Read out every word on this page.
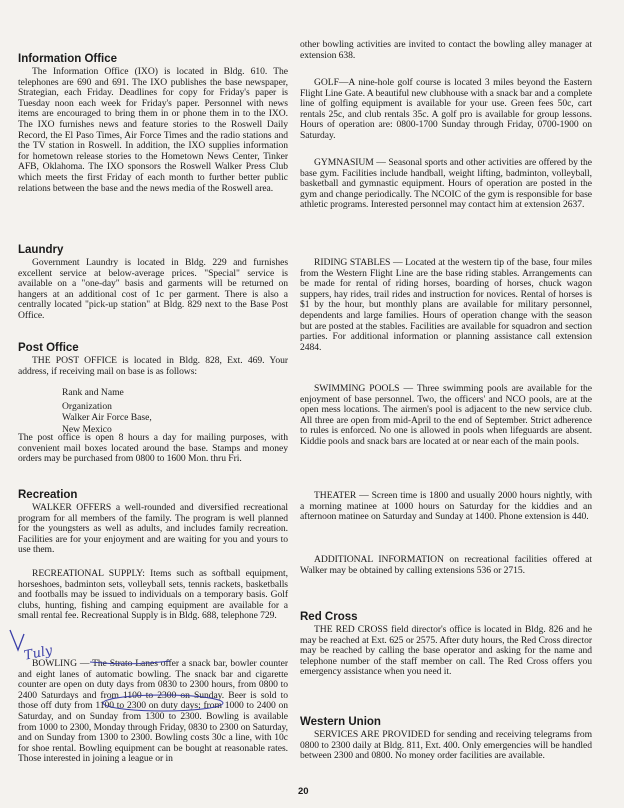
Information Office

The Information Office (IXO) is located in Bldg. 610. The telephones are 690 and 691. The IXO publishes the base newspaper, Strategian, each Friday. Deadlines for copy for Friday's paper is Tuesday noon each week for Friday's paper. Personnel with news items are encouraged to bring them in or phone them in to the IXO. The IXO furnishes news and feature stories to the Roswell Daily Record, the El Paso Times, Air Force Times and the radio stations and the TV station in Roswell. In addition, the IXO supplies information for hometown release stories to the Hometown News Center, Tinker AFB, Oklahoma. The IXO sponsors the Roswell Walker Press Club which meets the first Friday of each month to further better public relations between the base and the news media of the Roswell area.

Laundry

Government Laundry is located in Bldg. 229 and furnishes excellent service at below-average prices. "Special" service is available on a "one-day" basis and garments will be returned on hangers at an additional cost of 1c per garment. There is also a centrally located "pick-up station" at Bldg. 829 next to the Base Post Office.

Post Office

THE POST OFFICE is located in Bldg. 828, Ext. 469. Your address, if receiving mail on base is as follows:

Rank and Name
Organization
Walker Air Force Base,
New Mexico

The post office is open 8 hours a day for mailing purposes, with convenient mail boxes located around the base. Stamps and money orders may be purchased from 0800 to 1600 Mon. thru Fri.

Recreation

WALKER OFFERS a well-rounded and diversified recreational program for all members of the family. The program is well planned for the youngsters as well as adults, and includes family recreation. Facilities are for your enjoyment and are waiting for you and yours to use them.

RECREATIONAL SUPPLY: Items such as softball equipment, horseshoes, badminton sets, volleyball sets, tennis rackets, basketballs and footballs may be issued to individuals on a temporary basis. Golf clubs, hunting, fishing and camping equipment are available for a small rental fee. Recreational Supply is in Bldg. 688, telephone 729.

BOWLING — The Strato Lanes offer a snack bar, bowler counter and eight lanes of automatic bowling. The snack bar and cigarette counter are open on duty days from 0830 to 2300 hours, from 0800 to 2400 Saturdays and from 1100 to 2300 on Sunday. Beer is sold to those off duty from 1100 to 2300 on duty days; from 1000 to 2400 on Saturday, and on Sunday from 1300 to 2300. Bowling is available from 1000 to 2300, Monday through Friday, 0830 to 2300 on Saturday, and on Sunday from 1300 to 2300. Bowling costs 30c a line, with 10c for shoe rental. Bowling equipment can be bought at reasonable rates. Those interested in joining a league or in

Tuly

other bowling activities are invited to contact the bowling alley manager at extension 638.

GOLF—A nine-hole golf course is located 3 miles beyond the Eastern Flight Line Gate. A beautiful new clubhouse with a snack bar and a complete line of golfing equipment is available for your use. Green fees 50c, cart rentals 25c, and club rentals 35c. A golf pro is available for group lessons. Hours of operation are: 0800-1700 Sunday through Friday, 0700-1900 on Saturday.

GYMNASIUM — Seasonal sports and other activities are offered by the base gym. Facilities include handball, weight lifting, badminton, volleyball, basketball and gymnastic equipment. Hours of operation are posted in the gym and change periodically. The NCOIC of the gym is responsible for base athletic programs. Interested personnel may contact him at extension 2637.

RIDING STABLES — Located at the western tip of the base, four miles from the Western Flight Line are the base riding stables. Arrangements can be made for rental of riding horses, boarding of horses, chuck wagon suppers, hay rides, trail rides and instruction for novices. Rental of horses is $1 by the hour, but monthly plans are available for military personnel, dependents and large families. Hours of operation change with the season but are posted at the stables. Facilities are available for squadron and section parties. For additional information or planning assistance call extension 2484.

SWIMMING POOLS — Three swimming pools are available for the enjoyment of base personnel. Two, the officers' and NCO pools, are at the open mess locations. The airmen's pool is adjacent to the new service club. All three are open from mid-April to the end of September. Strict adherence to rules is enforced. No one is allowed in pools when lifeguards are absent. Kiddie pools and snack bars are located at or near each of the main pools.

THEATER — Screen time is 1800 and usually 2000 hours nightly, with a morning matinee at 1000 hours on Saturday for the kiddies and an afternoon matinee on Saturday and Sunday at 1400. Phone extension is 440.

ADDITIONAL INFORMATION on recreational facilities offered at Walker may be obtained by calling extensions 536 or 2715.

Red Cross

THE RED CROSS field director's office is located in Bldg. 826 and he may be reached at Ext. 625 or 2575. After duty hours, the Red Cross director may be reached by calling the base operator and asking for the name and telephone number of the staff member on call. The Red Cross offers you emergency assistance when you need it.

Western Union

SERVICES ARE PROVIDED for sending and receiving telegrams from 0800 to 2300 daily at Bldg. 811, Ext. 400. Only emergencies will be handled between 2300 and 0800. No money order facilities are available.

20
